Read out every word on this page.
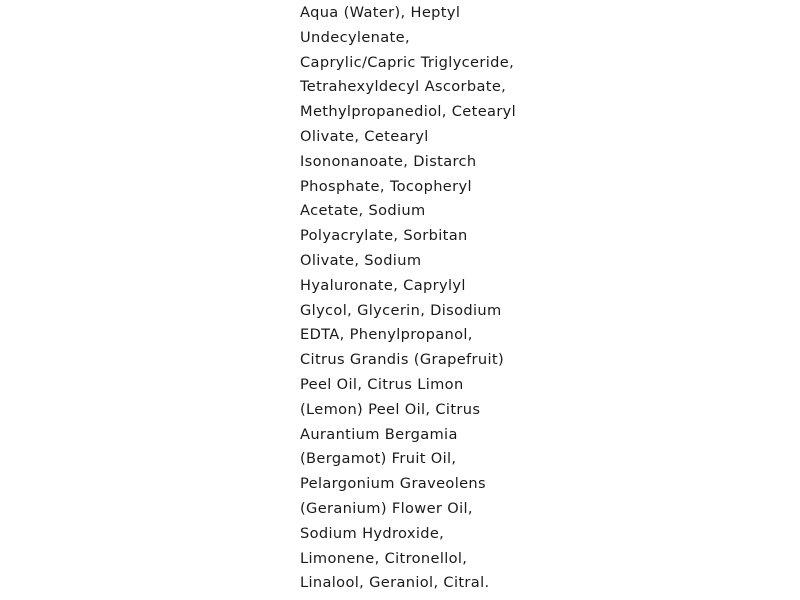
Aqua (Water), Heptyl
Undecylenate,
Caprylic/Capric Triglyceride,
Tetrahexyldecyl Ascorbate,
Methylpropanediol, Cetearyl
Olivate, Cetearyl
Isononanoate, Distarch
Phosphate, Tocopheryl
Acetate, Sodium
Polyacrylate, Sorbitan
Olivate, Sodium
Hyaluronate, Caprylyl
Glycol, Glycerin, Disodium
EDTA, Phenylpropanol,
Citrus Grandis (Grapefruit)
Peel Oil, Citrus Limon
(Lemon) Peel Oil, Citrus
Aurantium Bergamia
(Bergamot) Fruit Oil,
Pelargonium Graveolens
(Geranium) Flower Oil,
Sodium Hydroxide,
Limonene, Citronellol,
Linalool, Geraniol, Citral.
